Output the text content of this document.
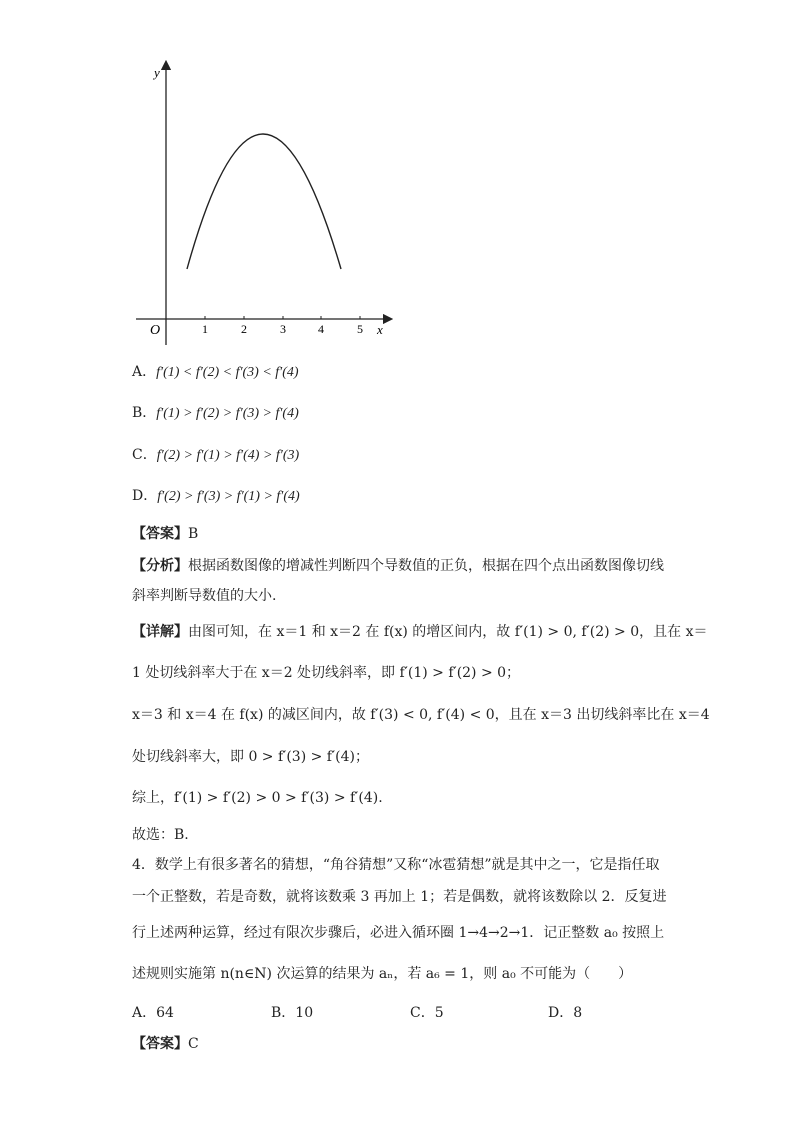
y
x
O	1	2	3	4	5
A．f′(1) < f′(2) < f′(3) < f′(4)
B．f′(1) > f′(2) > f′(3) > f′(4)
C．f′(2) > f′(1) > f′(4) > f′(3)
D．f′(2) > f′(3) > f′(1) > f′(4)
【答案】B
【分析】根据函数图像的增减性判断四个导数值的正负，根据在四个点出函数图像切线
斜率判断导数值的大小.
【详解】由图可知，在 x＝1 和 x＝2 在 f(x) 的增区间内，故 f′(1) > 0, f′(2) > 0，且在 x＝
1 处切线斜率大于在 x＝2 处切线斜率，即 f′(1) > f′(2) > 0；
x＝3 和 x＝4 在 f(x) 的减区间内，故 f′(3) < 0, f′(4) < 0，且在 x＝3 出切线斜率比在 x＝4
处切线斜率大，即 0 > f′(3) > f′(4)；
综上，f′(1) > f′(2) > 0 > f′(3) > f′(4).
故选：B.
4．数学上有很多著名的猜想，“角谷猜想”又称“冰雹猜想”就是其中之一，它是指任取
一个正整数，若是奇数，就将该数乘 3 再加上 1；若是偶数，就将该数除以 2．反复进
行上述两种运算，经过有限次步骤后，必进入循环圈 1→4→2→1．记正整数 a₀ 按照上
述规则实施第 n(n∈N) 次运算的结果为 aₙ，若 a₆ = 1，则 a₀ 不可能为（　　）
A．64	B．10	C．5	D．8
【答案】C
